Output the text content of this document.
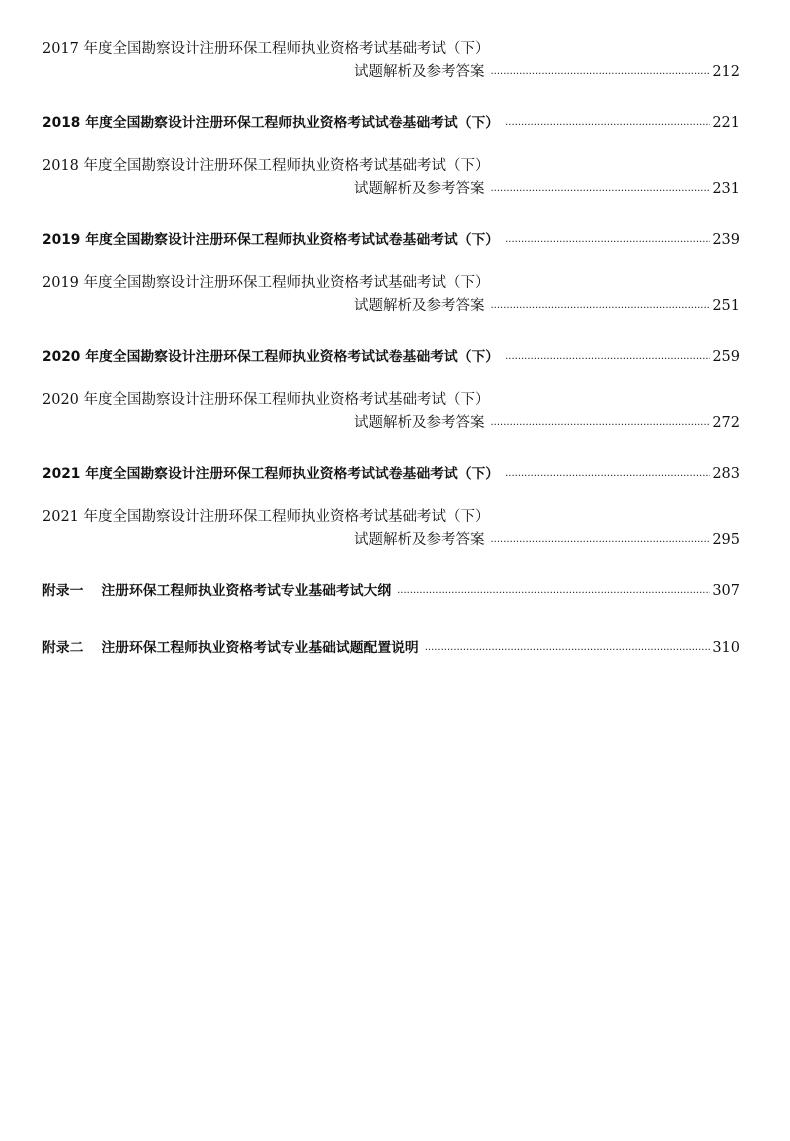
2017 年度全国勘察设计注册环保工程师执业资格考试基础考试（下）
试题解析及参考答案 .....	212
2018 年度全国勘察设计注册环保工程师执业资格考试试卷基础考试（下） .....	221
2018 年度全国勘察设计注册环保工程师执业资格考试基础考试（下）
试题解析及参考答案 .....	231
2019 年度全国勘察设计注册环保工程师执业资格考试试卷基础考试（下） .....	239
2019 年度全国勘察设计注册环保工程师执业资格考试基础考试（下）
试题解析及参考答案 .....	251
2020 年度全国勘察设计注册环保工程师执业资格考试试卷基础考试（下） .....	259
2020 年度全国勘察设计注册环保工程师执业资格考试基础考试（下）
试题解析及参考答案 .....	272
2021 年度全国勘察设计注册环保工程师执业资格考试试卷基础考试（下） .....	283
2021 年度全国勘察设计注册环保工程师执业资格考试基础考试（下）
试题解析及参考答案 .....	295
附录一 注册环保工程师执业资格考试专业基础考试大纲 .....	307
附录二 注册环保工程师执业资格考试专业基础试题配置说明 .....	310
